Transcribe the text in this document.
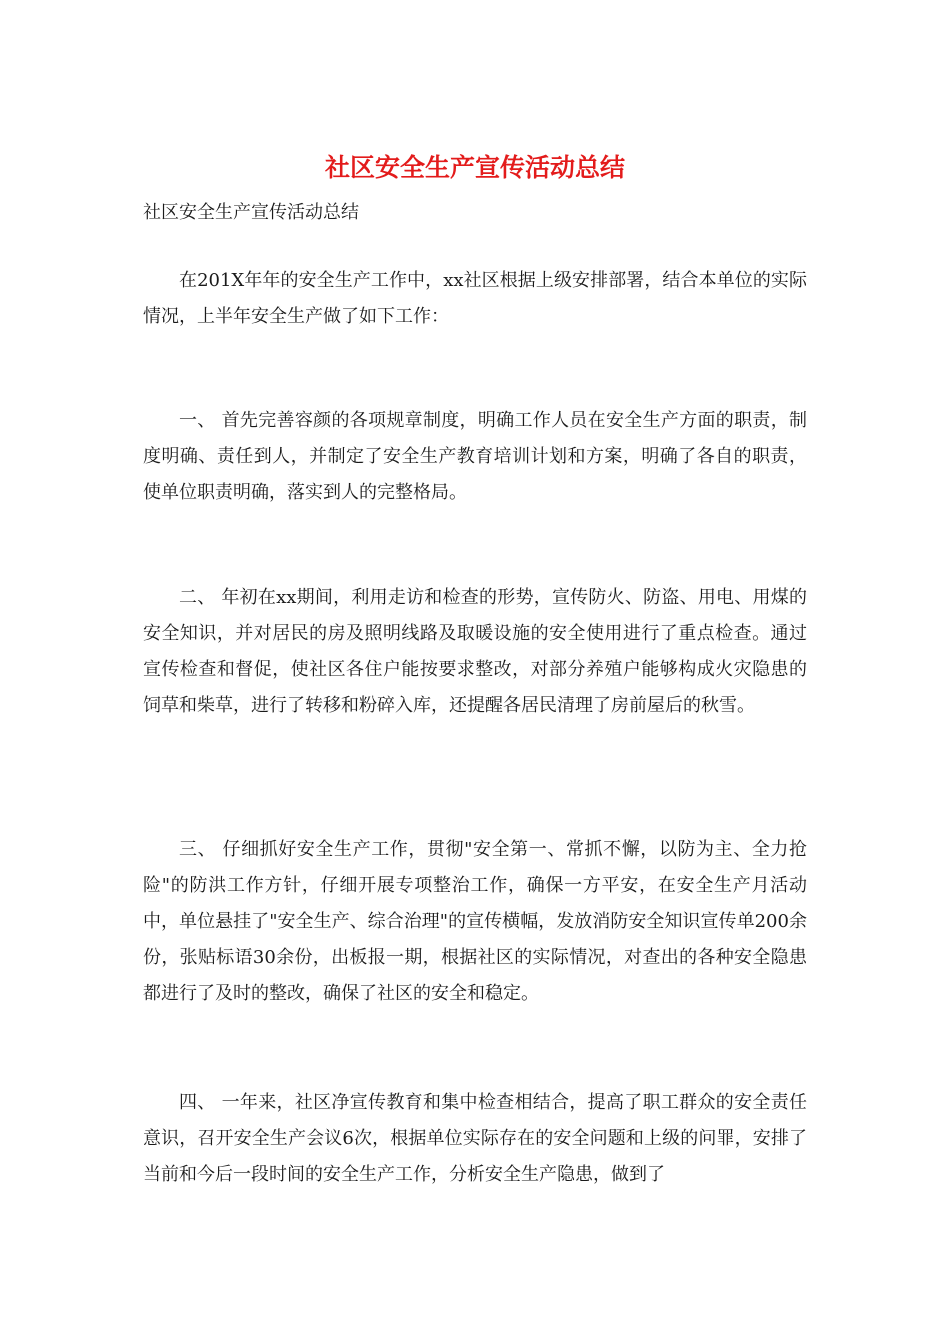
社区安全生产宣传活动总结

社区安全生产宣传活动总结

在201X年年的安全生产工作中，xx社区根据上级安排部署，结合本单位的实际情况，上半年安全生产做了如下工作：

一、 首先完善容颜的各项规章制度，明确工作人员在安全生产方面的职责，制度明确、责任到人，并制定了安全生产教育培训计划和方案，明确了各自的职责，使单位职责明确，落实到人的完整格局。

二、 年初在xx期间，利用走访和检查的形势，宣传防火、防盗、用电、用煤的安全知识，并对居民的房及照明线路及取暖设施的安全使用进行了重点检查。通过宣传检查和督促，使社区各住户能按要求整改，对部分养殖户能够构成火灾隐患的饲草和柴草，进行了转移和粉碎入库，还提醒各居民清理了房前屋后的秋雪。

三、 仔细抓好安全生产工作，贯彻"安全第一、常抓不懈，以防为主、全力抢险"的防洪工作方针，仔细开展专项整治工作，确保一方平安，在安全生产月活动中，单位悬挂了"安全生产、综合治理"的宣传横幅，发放消防安全知识宣传单200余份，张贴标语30余份，出板报一期，根据社区的实际情况，对查出的各种安全隐患都进行了及时的整改，确保了社区的安全和稳定。

四、 一年来，社区净宣传教育和集中检查相结合，提高了职工群众的安全责任意识，召开安全生产会议6次，根据单位实际存在的安全问题和上级的问罪，安排了当前和今后一段时间的安全生产工作，分析安全生产隐患，做到了
